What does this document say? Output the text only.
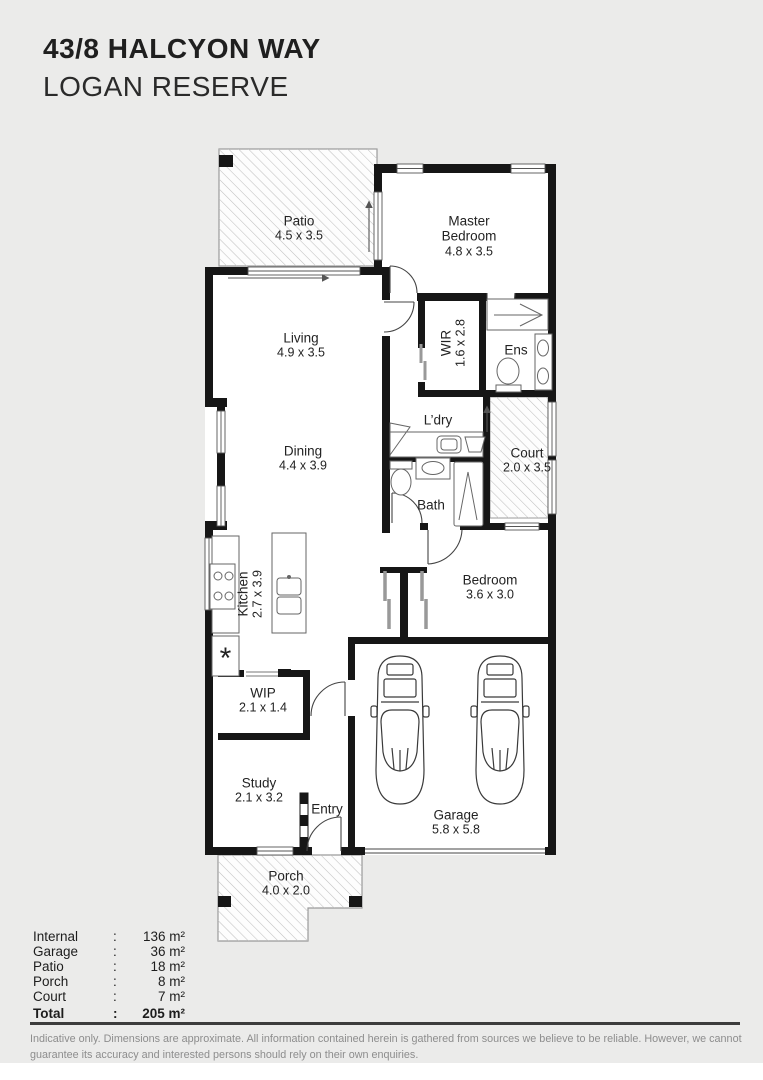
43/8 HALCYON WAY
LOGAN RESERVE
*
Patio
4.5 x 3.5
Master Bedroom
4.8 x 3.5
Living
4.9 x 3.5	WIR 1.6 x 2.8	Ens
L’dry
Court
2.0 x 3.5
Dining
4.4 x 3.9
Bath
Kitchen 2.7 x 3.9	Bedroom
3.6 x 3.0
WIP
2.1 x 1.4
Study
2.1 x 3.2
Entry	Garage
5.8 x 5.8
Porch
4.0 x 2.0
Internal	:	136 m²
Garage	:	36 m²
Patio	:	18 m²
Porch	:	8 m²
Court	:	7 m²
Total	:	205 m²
Indicative only. Dimensions are approximate. All information contained herein is gathered from sources we believe to be reliable. However, we cannot guarantee its accuracy and interested persons should rely on their own enquiries.
